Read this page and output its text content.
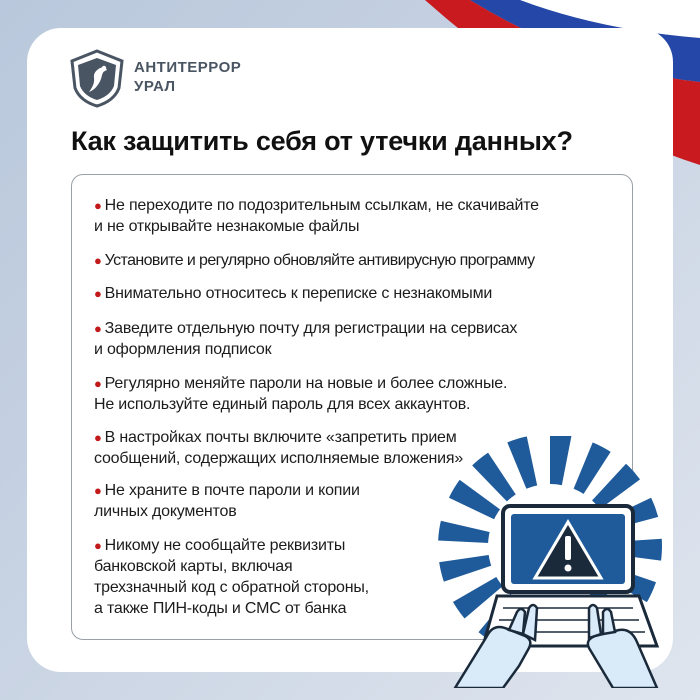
АНТИТЕРРОР
УРАЛ
Как защитить себя от утечки данных?
● Не переходите по подозрительным ссылкам, не скачивайте
и не открывайте незнакомые файлы
● Установите и регулярно обновляйте антивирусную программу
● Внимательно относитесь к переписке с незнакомыми
● Заведите отдельную почту для регистрации на сервисах
и оформления подписок
● Регулярно меняйте пароли на новые и более сложные.
Не используйте единый пароль для всех аккаунтов.
● В настройках почты включите «запретить прием
сообщений, содержащих исполняемые вложения»
● Не храните в почте пароли и копии
личных документов
● Никому не сообщайте реквизиты
банковской карты, включая
трехзначный код с обратной стороны,
а также ПИН-коды и СМС от банка
